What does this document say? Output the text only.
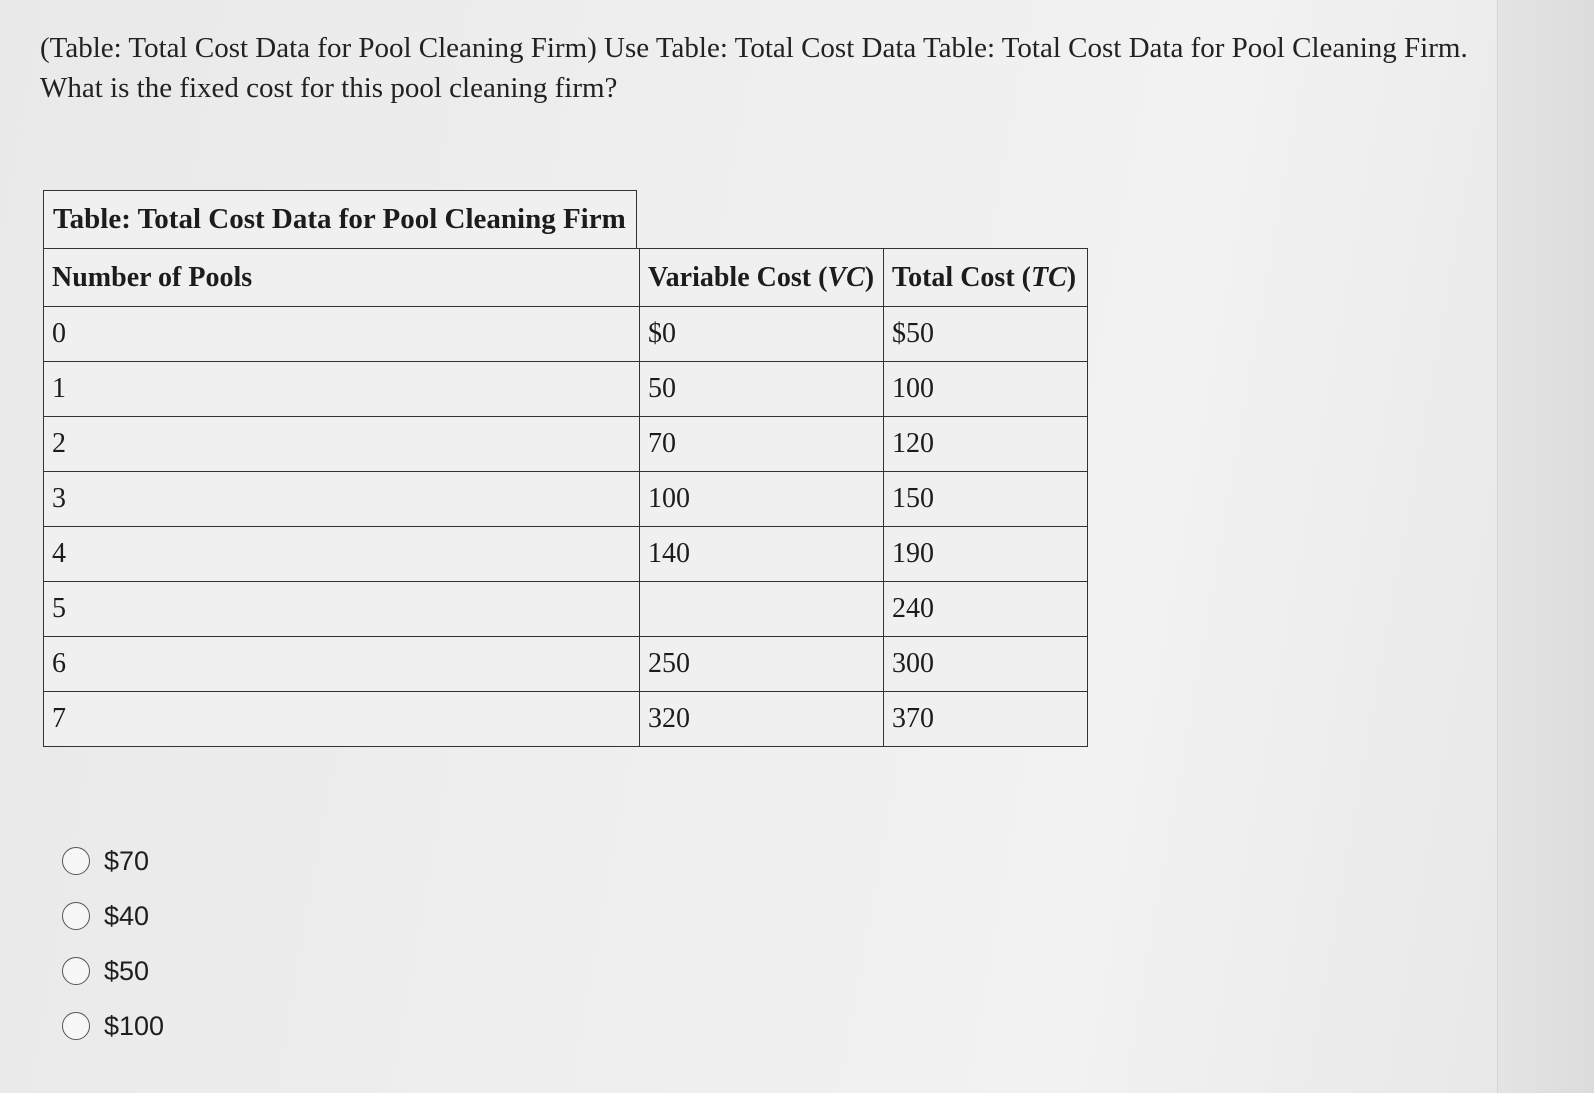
(Table: Total Cost Data for Pool Cleaning Firm) Use Table: Total Cost Data Table: Total Cost Data for Pool Cleaning Firm.

What is the fixed cost for this pool cleaning firm?

Table: Total Cost Data for Pool Cleaning Firm
Number of Pools	Variable Cost (VC)	Total Cost (TC)
0	$0	$50
1	50	100
2	70	120
3	100	150
4	140	190
5		240
6	250	300
7	320	370
$70
$40
$50
$100
